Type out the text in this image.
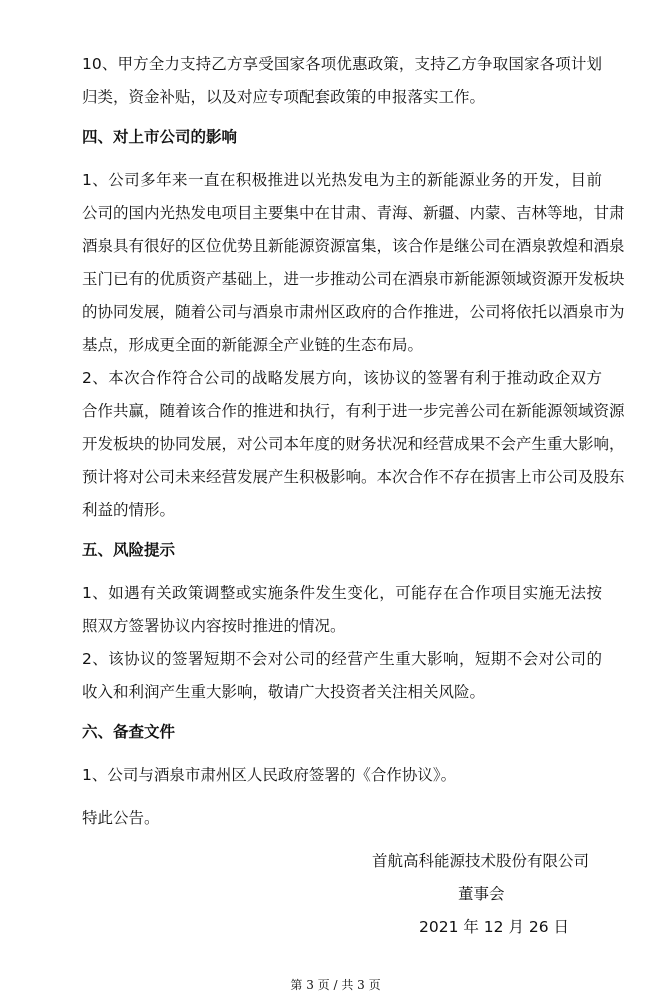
10、甲方全力支持乙方享受国家各项优惠政策，支持乙方争取国家各项计划
归类，资金补贴，以及对应专项配套政策的申报落实工作。
四、对上市公司的影响
1、公司多年来一直在积极推进以光热发电为主的新能源业务的开发，目前
公司的国内光热发电项目主要集中在甘肃、青海、新疆、内蒙、吉林等地，甘肃
酒泉具有很好的区位优势且新能源资源富集，该合作是继公司在酒泉敦煌和酒泉
玉门已有的优质资产基础上，进一步推动公司在酒泉市新能源领域资源开发板块
的协同发展，随着公司与酒泉市肃州区政府的合作推进，公司将依托以酒泉市为
基点，形成更全面的新能源全产业链的生态布局。
2、本次合作符合公司的战略发展方向，该协议的签署有利于推动政企双方
合作共赢，随着该合作的推进和执行，有利于进一步完善公司在新能源领域资源
开发板块的协同发展，对公司本年度的财务状况和经营成果不会产生重大影响，
预计将对公司未来经营发展产生积极影响。本次合作不存在损害上市公司及股东
利益的情形。
五、风险提示
1、如遇有关政策调整或实施条件发生变化，可能存在合作项目实施无法按
照双方签署协议内容按时推进的情况。
2、该协议的签署短期不会对公司的经营产生重大影响，短期不会对公司的
收入和利润产生重大影响，敬请广大投资者关注相关风险。
六、备查文件
1、公司与酒泉市肃州区人民政府签署的《合作协议》。
特此公告。
首航高科能源技术股份有限公司
董事会
2021 年 12 月 26 日
第 3 页 / 共 3 页
